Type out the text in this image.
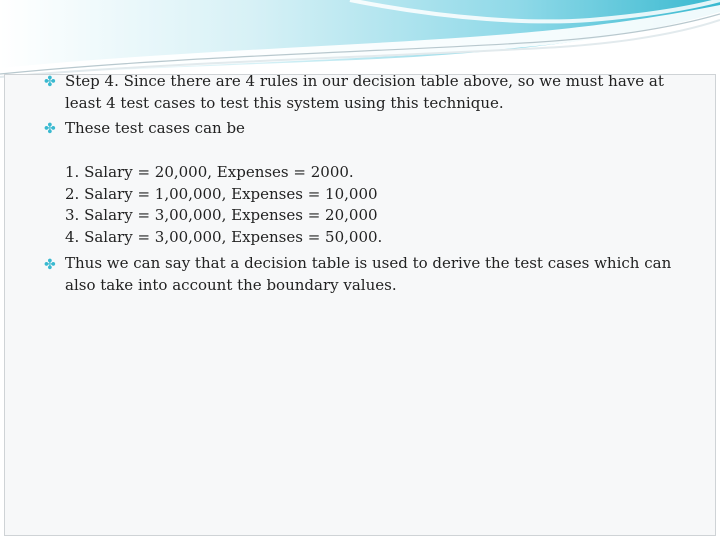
✤ Step 4. Since there are 4 rules in our decision table above, so we must have at
least 4 test cases to test this system using this technique.
✤ These test cases can be
1. Salary = 20,000, Expenses = 2000.
2. Salary = 1,00,000, Expenses = 10,000
3. Salary = 3,00,000, Expenses = 20,000
4. Salary = 3,00,000, Expenses = 50,000.
✤ Thus we can say that a decision table is used to derive the test cases which can
also take into account the boundary values.
